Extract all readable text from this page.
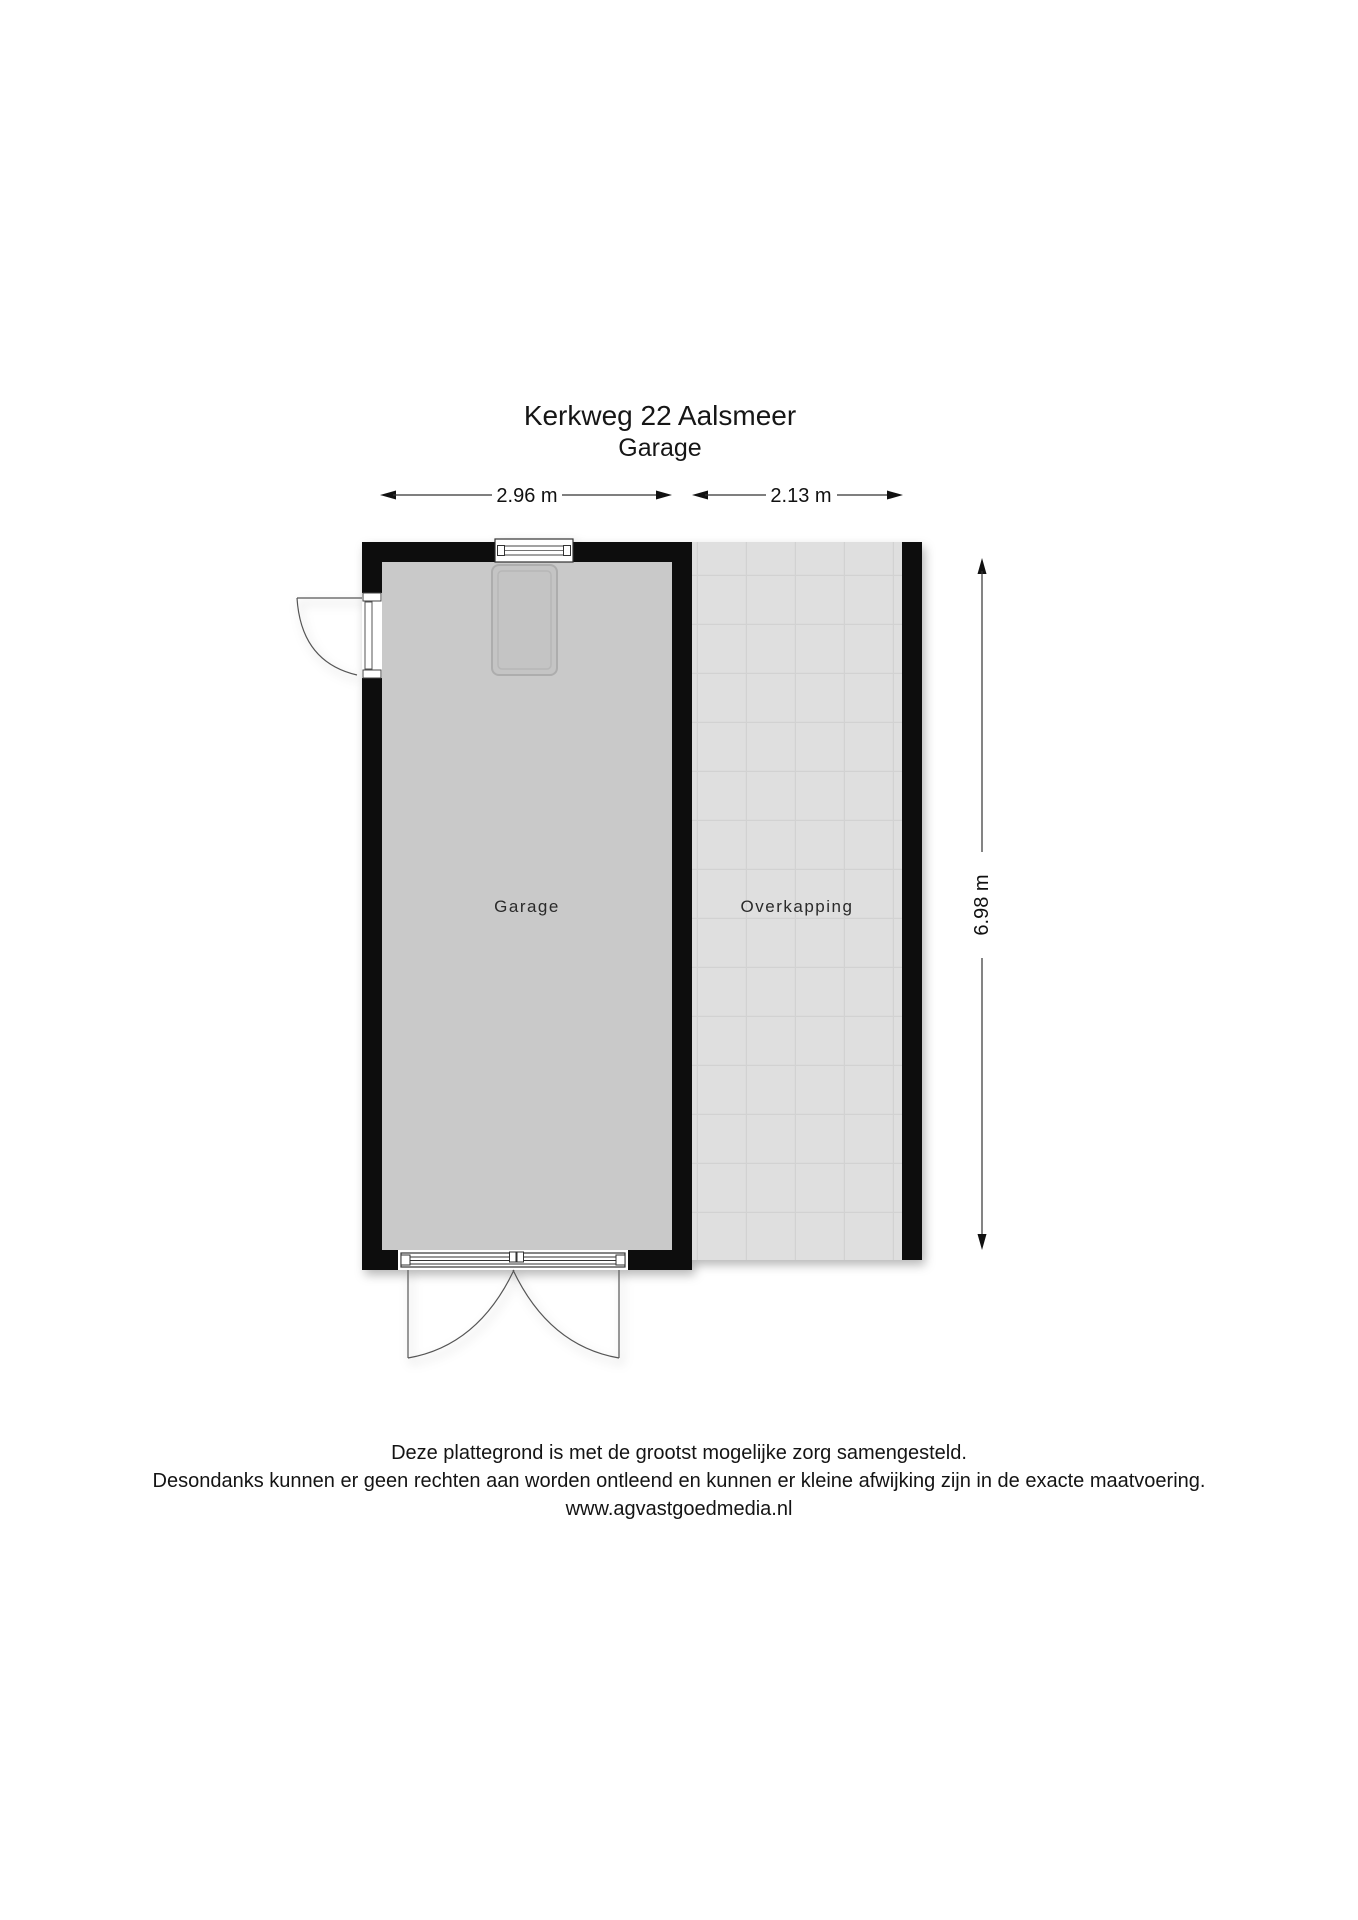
Kerkweg 22 Aalsmeer
Garage
Garage	Overkapping
2.96 m	2.13 m
6.98 m
Deze plattegrond is met de grootst mogelijke zorg samengesteld.
Desondanks kunnen er geen rechten aan worden ontleend en kunnen er kleine afwijking zijn in de exacte maatvoering.
www.agvastgoedmedia.nl
